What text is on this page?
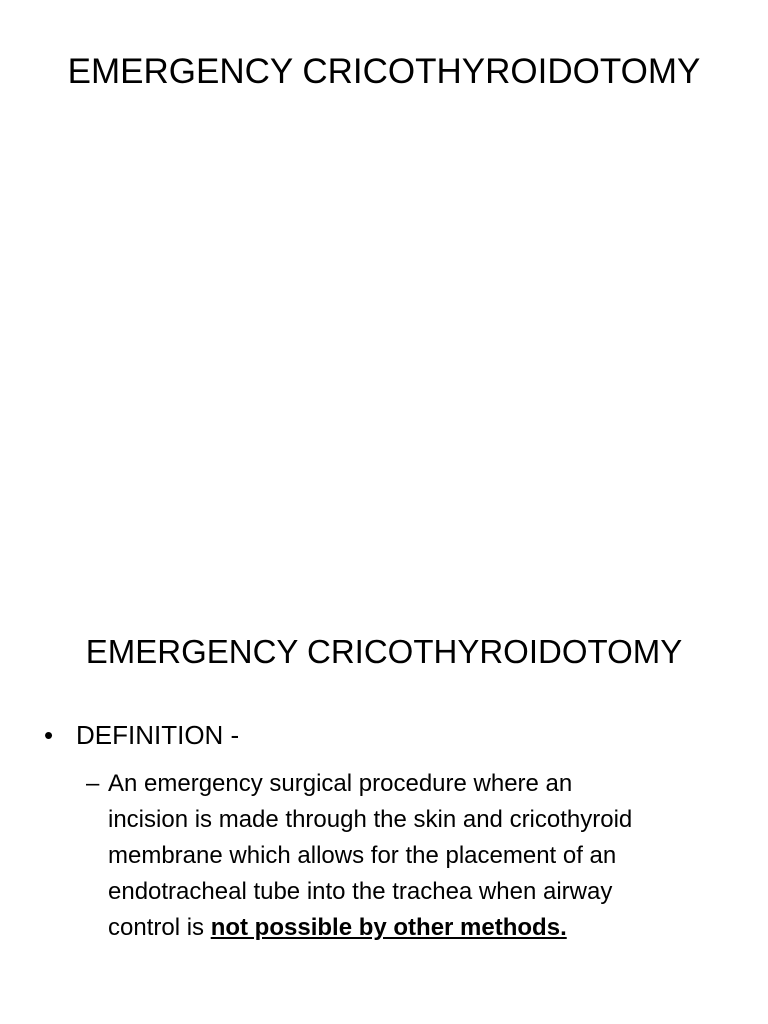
EMERGENCY CRICOTHYROIDOTOMY
EMERGENCY CRICOTHYROIDOTOMY
• DEFINITION -
– An emergency surgical procedure where an
incision is made through the skin and cricothyroid
membrane which allows for the placement of an
endotracheal tube into the trachea when airway
control is not possible by other methods.
